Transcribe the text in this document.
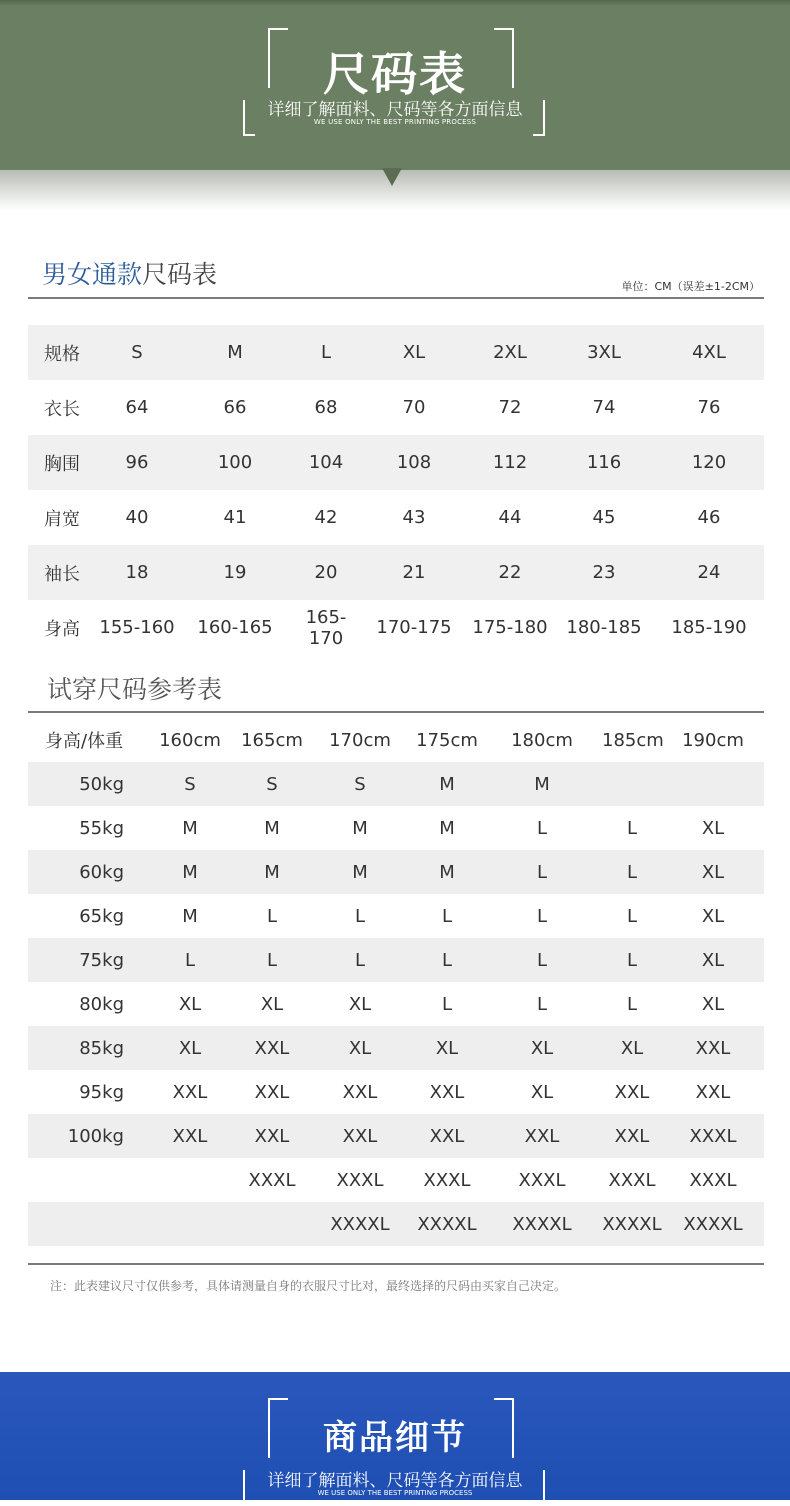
尺码表
详细了解面料、尺码等各方面信息
WE USE ONLY THE BEST PRINTING PROCESS
男女通款尺码表	单位：CM（误差±1-2CM）
规格	S	M	L	XL	2XL	3XL	4XL
衣长	64	66	68	70	72	74	76
胸围	96	100	104	108	112	116	120
肩宽	40	41	42	43	44	45	46
袖长	18	19	20	21	22	23	24
身高	155-160	160-165	165-170	170-175	175-180	180-185	185-190
试穿尺码参考表
身高/体重	160cm	165cm	170cm	175cm	180cm	185cm	190cm
50kg	S	S	S	M	M		
55kg	M	M	M	M	L	L	XL
60kg	M	M	M	M	L	L	XL
65kg	M	L	L	L	L	L	XL
75kg	L	L	L	L	L	L	XL
80kg	XL	XL	XL	L	L	L	XL
85kg	XL	XXL	XL	XL	XL	XL	XXL
95kg	XXL	XXL	XXL	XXL	XL	XXL	XXL
100kg	XXL	XXL	XXL	XXL	XXL	XXL	XXXL
		XXXL	XXXL	XXXL	XXXL	XXXL	XXXL
			XXXXL	XXXXL	XXXXL	XXXXL	XXXXL
注：此表建议尺寸仅供参考，具体请测量自身的衣服尺寸比对，最终选择的尺码由买家自己决定。
商品细节
详细了解面料、尺码等各方面信息
WE USE ONLY THE BEST PRINTING PROCESS
